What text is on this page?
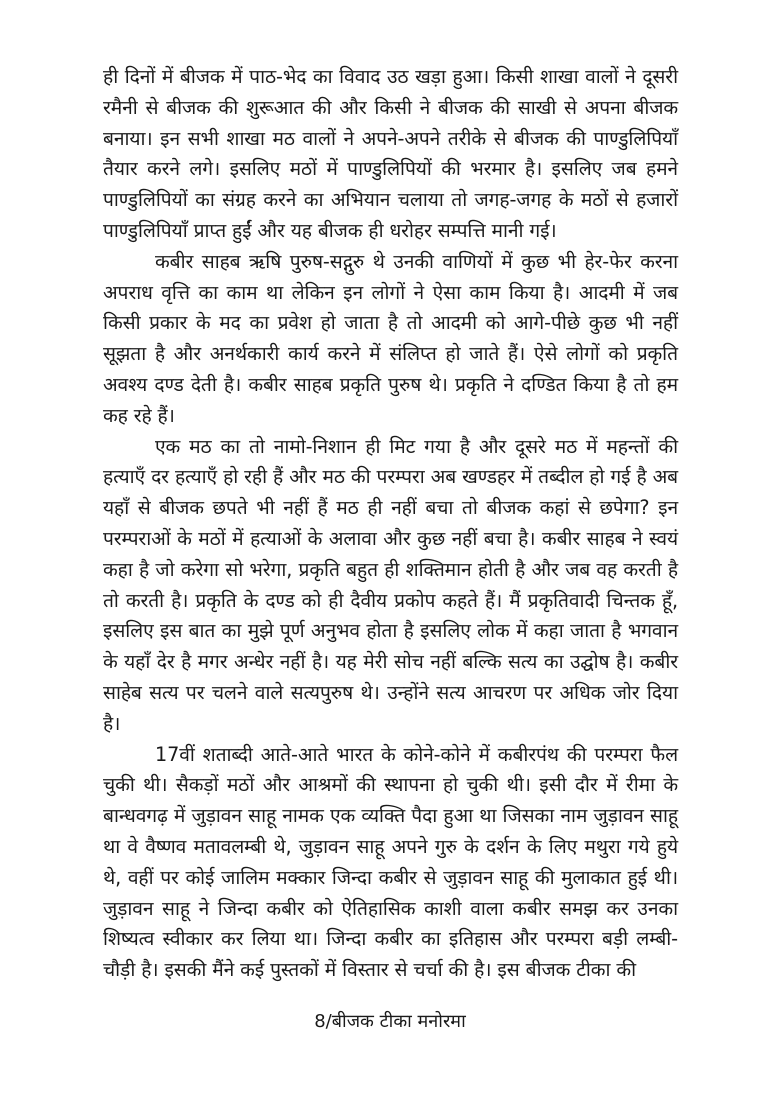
ही दिनों में बीजक में पाठ-भेद का विवाद उठ खड़ा हुआ। किसी शाखा वालों ने दूसरी रमैनी से बीजक की शुरूआत की और किसी ने बीजक की साखी से अपना बीजक बनाया। इन सभी शाखा मठ वालों ने अपने-अपने तरीके से बीजक की पाण्डुलिपियाँ तैयार करने लगे। इसलिए मठों में पाण्डुलिपियों की भरमार है। इसलिए जब हमने पाण्डुलिपियों का संग्रह करने का अभियान चलाया तो जगह-जगह के मठों से हजारों पाण्डुलिपियाँ प्राप्त हुईं और यह बीजक ही धरोहर सम्पत्ति मानी गई।

कबीर साहब ऋषि पुरुष-सद्गुरु थे उनकी वाणियों में कुछ भी हेर-फेर करना अपराध वृत्ति का काम था लेकिन इन लोगों ने ऐसा काम किया है। आदमी में जब किसी प्रकार के मद का प्रवेश हो जाता है तो आदमी को आगे-पीछे कुछ भी नहीं सूझता है और अनर्थकारी कार्य करने में संलिप्त हो जाते हैं। ऐसे लोगों को प्रकृति अवश्य दण्ड देती है। कबीर साहब प्रकृति पुरुष थे। प्रकृति ने दण्डित किया है तो हम कह रहे हैं।

एक मठ का तो नामो-निशान ही मिट गया है और दूसरे मठ में महन्तों की हत्याएँ दर हत्याएँ हो रही हैं और मठ की परम्परा अब खण्डहर में तब्दील हो गई है अब यहाँ से बीजक छपते भी नहीं हैं मठ ही नहीं बचा तो बीजक कहां से छपेगा? इन परम्पराओं के मठों में हत्याओं के अलावा और कुछ नहीं बचा है। कबीर साहब ने स्वयं कहा है जो करेगा सो भरेगा, प्रकृति बहुत ही शक्तिमान होती है और जब वह करती है तो करती है। प्रकृति के दण्ड को ही दैवीय प्रकोप कहते हैं। मैं प्रकृतिवादी चिन्तक हूँ, इसलिए इस बात का मुझे पूर्ण अनुभव होता है इसलिए लोक में कहा जाता है भगवान के यहाँ देर है मगर अन्धेर नहीं है। यह मेरी सोच नहीं बल्कि सत्य का उद्घोष है। कबीर साहेब सत्य पर चलने वाले सत्यपुरुष थे। उन्होंने सत्य आचरण पर अधिक जोर दिया है।

17वीं शताब्दी आते-आते भारत के कोने-कोने में कबीरपंथ की परम्परा फैल चुकी थी। सैकड़ों मठों और आश्रमों की स्थापना हो चुकी थी। इसी दौर में रीमा के बान्धवगढ़ में जुड़ावन साहू नामक एक व्यक्ति पैदा हुआ था जिसका नाम जुड़ावन साहू था वे वैष्णव मतावलम्बी थे, जुड़ावन साहू अपने गुरु के दर्शन के लिए मथुरा गये हुये थे, वहीं पर कोई जालिम मक्कार जिन्दा कबीर से जुड़ावन साहू की मुलाकात हुई थी। जुड़ावन साहू ने जिन्दा कबीर को ऐतिहासिक काशी वाला कबीर समझ कर उनका शिष्यत्व स्वीकार कर लिया था। जिन्दा कबीर का इतिहास और परम्परा बड़ी लम्बी-चौड़ी है। इसकी मैंने कई पुस्तकों में विस्तार से चर्चा की है। इस बीजक टीका की

8/बीजक टीका मनोरमा
